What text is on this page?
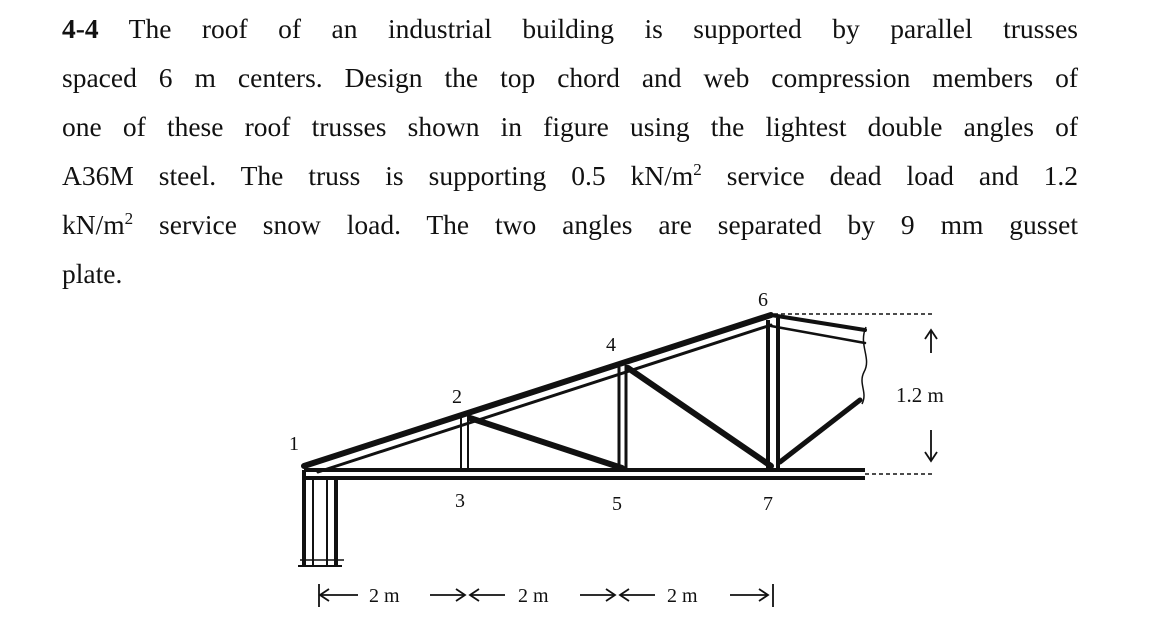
4-4 The roof of an industrial building is supported by parallel trusses
spaced 6 m centers. Design the top chord and web compression members of
one of these roof trusses shown in figure using the lightest double angles of
A36M steel. The truss is supporting 0.5 $kN/m^2$ service dead load and 1.2
$kN/m^2$ service snow load. The two angles are separated by 9 mm gusset
plate.
1.2 m
1
2
3
4
5
6
7
2 m	2 m	2 m
